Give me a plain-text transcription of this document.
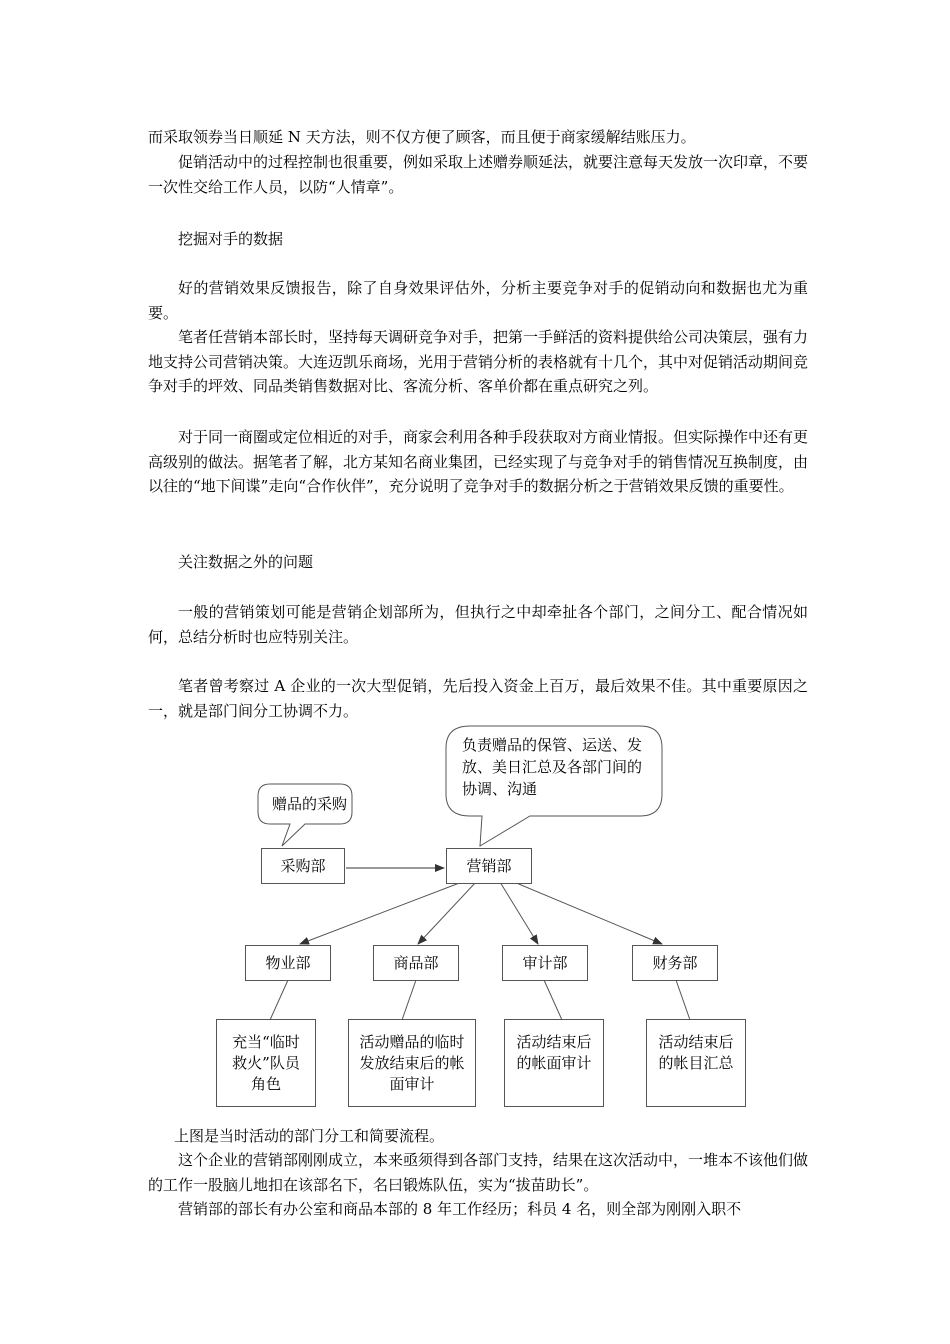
而采取领券当日顺延 N 天方法，则不仅方便了顾客，而且便于商家缓解结账压力。

促销活动中的过程控制也很重要，例如采取上述赠券顺延法，就要注意每天发放一次印章，不要一次性交给工作人员，以防“人情章”。

挖掘对手的数据

好的营销效果反馈报告，除了自身效果评估外，分析主要竞争对手的促销动向和数据也尤为重要。

笔者任营销本部长时，坚持每天调研竞争对手，把第一手鲜活的资料提供给公司决策层，强有力地支持公司营销决策。大连迈凯乐商场，光用于营销分析的表格就有十几个，其中对促销活动期间竞争对手的坪效、同品类销售数据对比、客流分析、客单价都在重点研究之列。

对于同一商圈或定位相近的对手，商家会利用各种手段获取对方商业情报。但实际操作中还有更高级别的做法。据笔者了解，北方某知名商业集团，已经实现了与竞争对手的销售情况互换制度，由以往的“地下间谍”走向“合作伙伴”，充分说明了竞争对手的数据分析之于营销效果反馈的重要性。

关注数据之外的问题

一般的营销策划可能是营销企划部所为，但执行之中却牵扯各个部门，之间分工、配合情况如何，总结分析时也应特别关注。

笔者曾考察过 A 企业的一次大型促销，先后投入资金上百万，最后效果不佳。其中重要原因之一，就是部门间分工协调不力。

赠品的采购
负责赠品的保管、运送、发放、美日汇总及各部门间的协调、沟通
采购部	营销部
物业部	商品部	审计部	财务部
充当“临时救火”队员角色
活动赠品的临时发放结束后的帐面审计
活动结束后的帐面审计
活动结束后的帐目汇总

上图是当时活动的部门分工和简要流程。

这个企业的营销部刚刚成立，本来亟须得到各部门支持，结果在这次活动中，一堆本不该他们做的工作一股脑儿地扣在该部名下，名曰锻炼队伍，实为“拔苗助长”。

营销部的部长有办公室和商品本部的 8 年工作经历；科员 4 名，则全部为刚刚入职不
